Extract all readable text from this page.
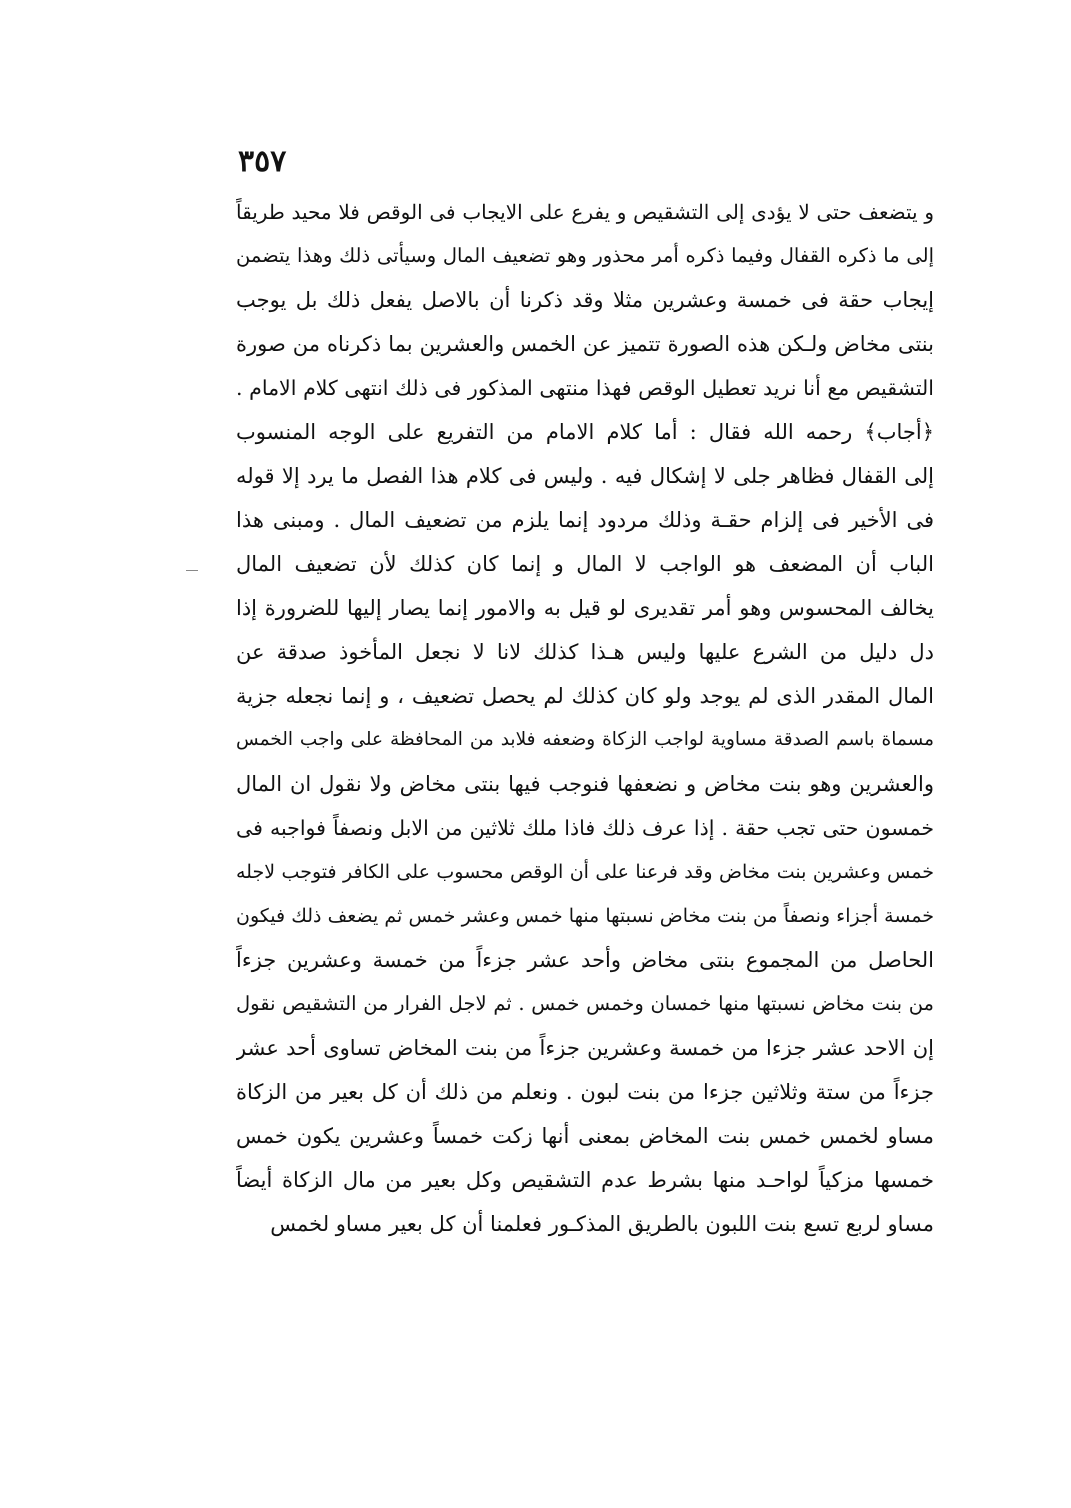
٣٥٧
و يتضعف حتى لا يؤدى إلى التشقيص و يفرع على الايجاب فى الوقص فلا محيد طريقاً
إلى ما ذكره القفال وفيما ذكره أمر محذور وهو تضعيف المال وسيأتى ذلك وهذا يتضمن
إيجاب حقة فى خمسة وعشرين مثلا وقد ذكرنا أن بالاصل يفعل ذلك بل يوجب
بنتى مخاض ولـكن هذه الصورة تتميز عن الخمس والعشرين بما ذكرناه من صورة
التشقيص مع أنا نريد تعطيل الوقص فهذا منتهى المذكور فى ذلك انتهى كلام الامام .
﴿أجاب﴾ رحمه الله فقال : أما كلام الامام من التفريع على الوجه المنسوب
إلى القفال فظاهر جلى لا إشكال فيه . وليس فى كلام هذا الفصل ما يرد إلا قوله
فى الأخير فى إلزام حقـة وذلك مردود إنما يلزم من تضعيف المال . ومبنى هذا
الباب أن المضعف هو الواجب لا المال و إنما كان كذلك لأن تضعيف المال
يخالف المحسوس وهو أمر تقديرى لو قيل به والامور إنما يصار إليها للضرورة إذا
دل دليل من الشرع عليها وليس هـذا كذلك لانا لا نجعل المأخوذ صدقة عن
المال المقدر الذى لم يوجد ولو كان كذلك لم يحصل تضعيف ، و إنما نجعله جزية
مسماة باسم الصدقة مساوية لواجب الزكاة وضعفه فلابد من المحافظة على واجب الخمس
والعشرين وهو بنت مخاض و نضعفها فنوجب فيها بنتى مخاض ولا نقول ان المال
خمسون حتى تجب حقة . إذا عرف ذلك فاذا ملك ثلاثين من الابل ونصفاً فواجبه فى
خمس وعشرين بنت مخاض وقد فرعنا على أن الوقص محسوب على الكافر فتوجب لاجله
خمسة أجزاء ونصفاً من بنت مخاض نسبتها منها خمس وعشر خمس ثم يضعف ذلك فيكون
الحاصل من المجموع بنتى مخاض وأحد عشر جزءاً من خمسة وعشرين جزءاً
من بنت مخاض نسبتها منها خمسان وخمس خمس . ثم لاجل الفرار من التشقيص نقول
إن الاحد عشر جزءا من خمسة وعشرين جزءاً من بنت المخاض تساوى أحد عشر
جزءاً من ستة وثلاثين جزءا من بنت لبون . ونعلم من ذلك أن كل بعير من الزكاة
مساو لخمس خمس بنت المخاض بمعنى أنها زكت خمساً وعشرين يكون خمس
خمسها مزكياً لواحـد منها بشرط عدم التشقيص وكل بعير من مال الزكاة أيضاً
مساو لربع تسع بنت اللبون بالطريق المذكـور فعلمنا أن كل بعير مساو لخمس
